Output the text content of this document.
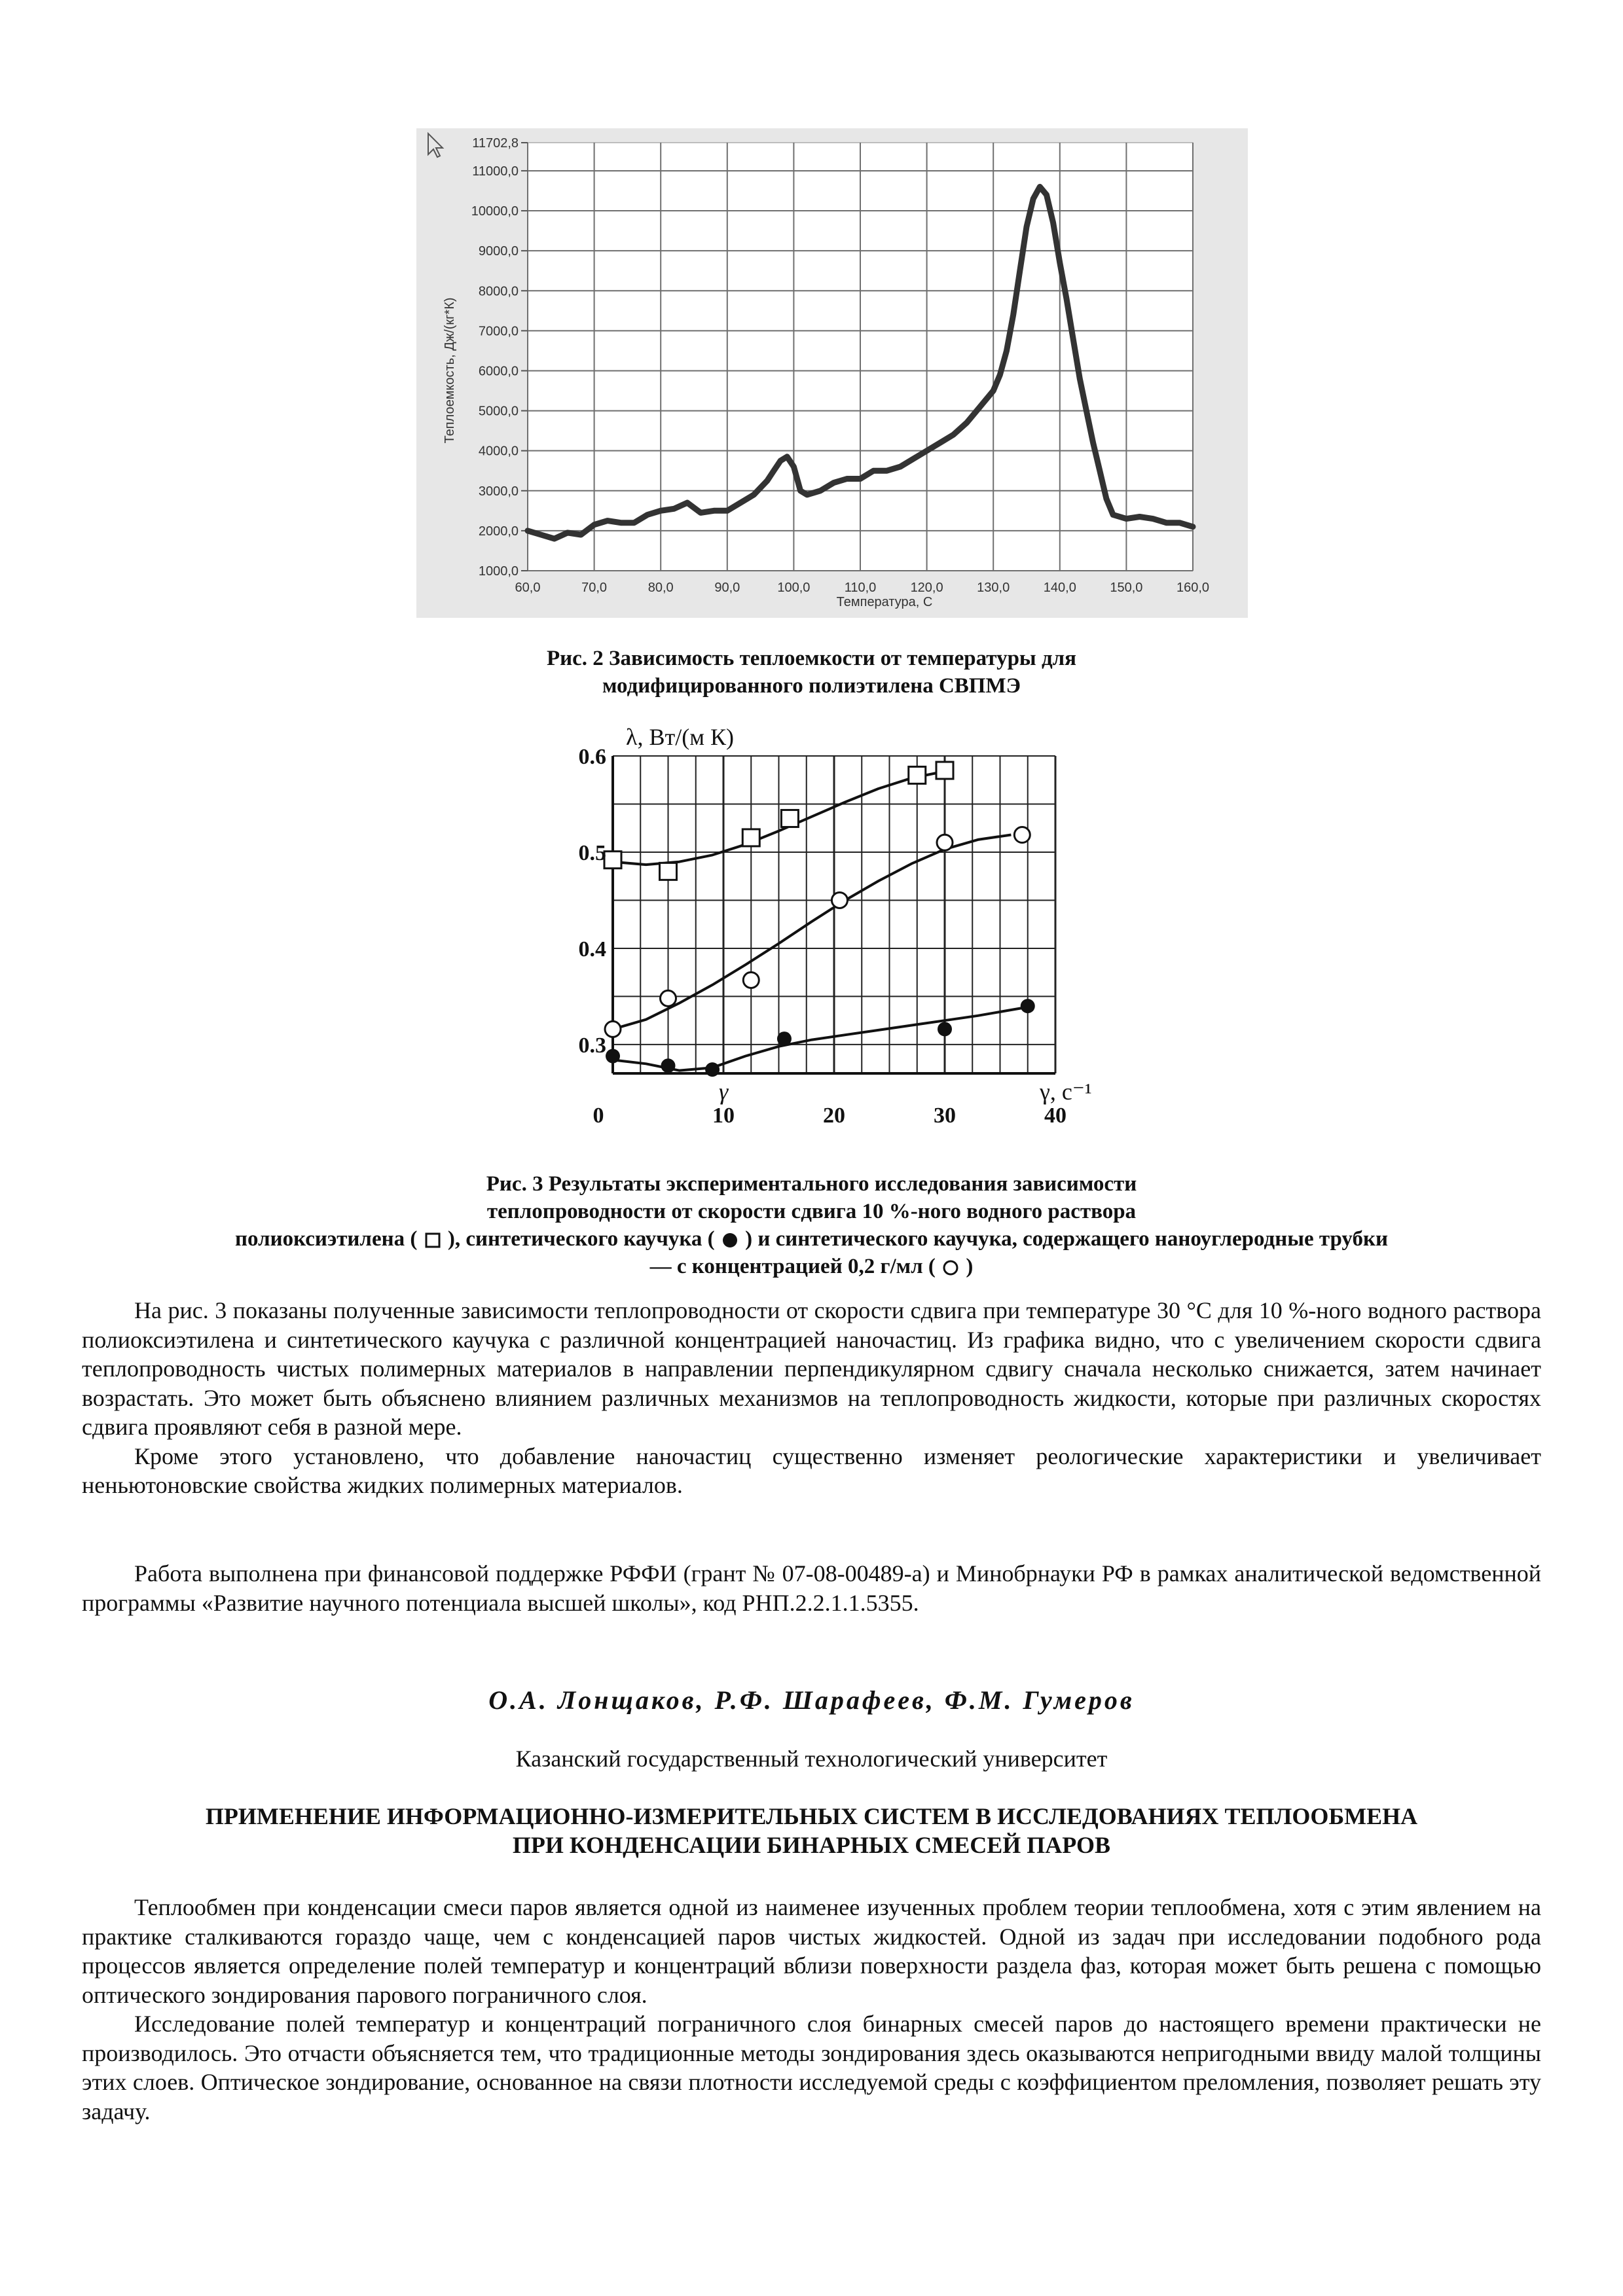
60,0	70,0	80,0	90,0	100,0	110,0	120,0	130,0	140,0	150,0	160,0
1000,0
2000,0
3000,0
4000,0
5000,0
6000,0
7000,0
8000,0
9000,0
10000,0
11000,0
11702,8
Теплоемкость, Дж/(кг*К)
Температура, С
Рис. 2 Зависимость теплоемкости от температуры для
модифицированного полиэтилена СВПМЭ
0	10	20	30	40
0.3
0.4
0.5
0.6
λ, Вт/(м К)
γ, c⁻¹
γ
Рис. 3 Результаты экспериментального исследования зависимости
теплопроводности от скорости сдвига 10 %-ного водного раствора
полиоксиэтилена ( ), синтетического каучука ( ) и синтетического каучука, содержащего наноуглеродные трубки
— с концентрацией 0,2 г/мл ( )

На рис. 3 показаны полученные зависимости теплопроводности от скорости сдвига при температуре 30 °С для 10 %-ного водного раствора полиоксиэтилена и синтетического каучука с различной концентрацией наночастиц. Из графика видно, что с увеличением скорости сдвига теплопроводность чистых полимерных материалов в направлении перпендикулярном сдвигу сначала несколько снижается, затем начинает возрастать. Это может быть объяснено влиянием различных механизмов на теплопроводность жидкости, которые при различных скоростях сдвига проявляют себя в разной мере.

Кроме этого установлено, что добавление наночастиц существенно изменяет реологические характеристики и увеличивает неньютоновские свойства жидких полимерных материалов.

Работа выполнена при финансовой поддержке РФФИ (грант № 07-08-00489-а) и Минобрнауки РФ в рамках аналитической ведомственной программы «Развитие научного потенциала высшей школы», код РНП.2.2.1.1.5355.

О.А. Лонщаков, Р.Ф. Шарафеев, Ф.М. Гумеров
Казанский государственный технологический университет
ПРИМЕНЕНИЕ ИНФОРМАЦИОННО-ИЗМЕРИТЕЛЬНЫХ СИСТЕМ В ИССЛЕДОВАНИЯХ ТЕПЛООБМЕНА
ПРИ КОНДЕНСАЦИИ БИНАРНЫХ СМЕСЕЙ ПАРОВ

Теплообмен при конденсации смеси паров является одной из наименее изученных проблем теории теплообмена, хотя с этим явлением на практике сталкиваются гораздо чаще, чем с конденсацией паров чистых жидкостей. Одной из задач при исследовании подобного рода процессов является определение полей температур и концентраций вблизи поверхности раздела фаз, которая может быть решена с помощью оптического зондирования парового пограничного слоя.

Исследование полей температур и концентраций пограничного слоя бинарных смесей паров до настоящего времени практически не производилось. Это отчасти объясняется тем, что традиционные методы зондирования здесь оказываются непригодными ввиду малой толщины этих слоев. Оптическое зондирование, основанное на связи плотности исследуемой среды с коэффициентом преломления, позволяет решать эту задачу.
